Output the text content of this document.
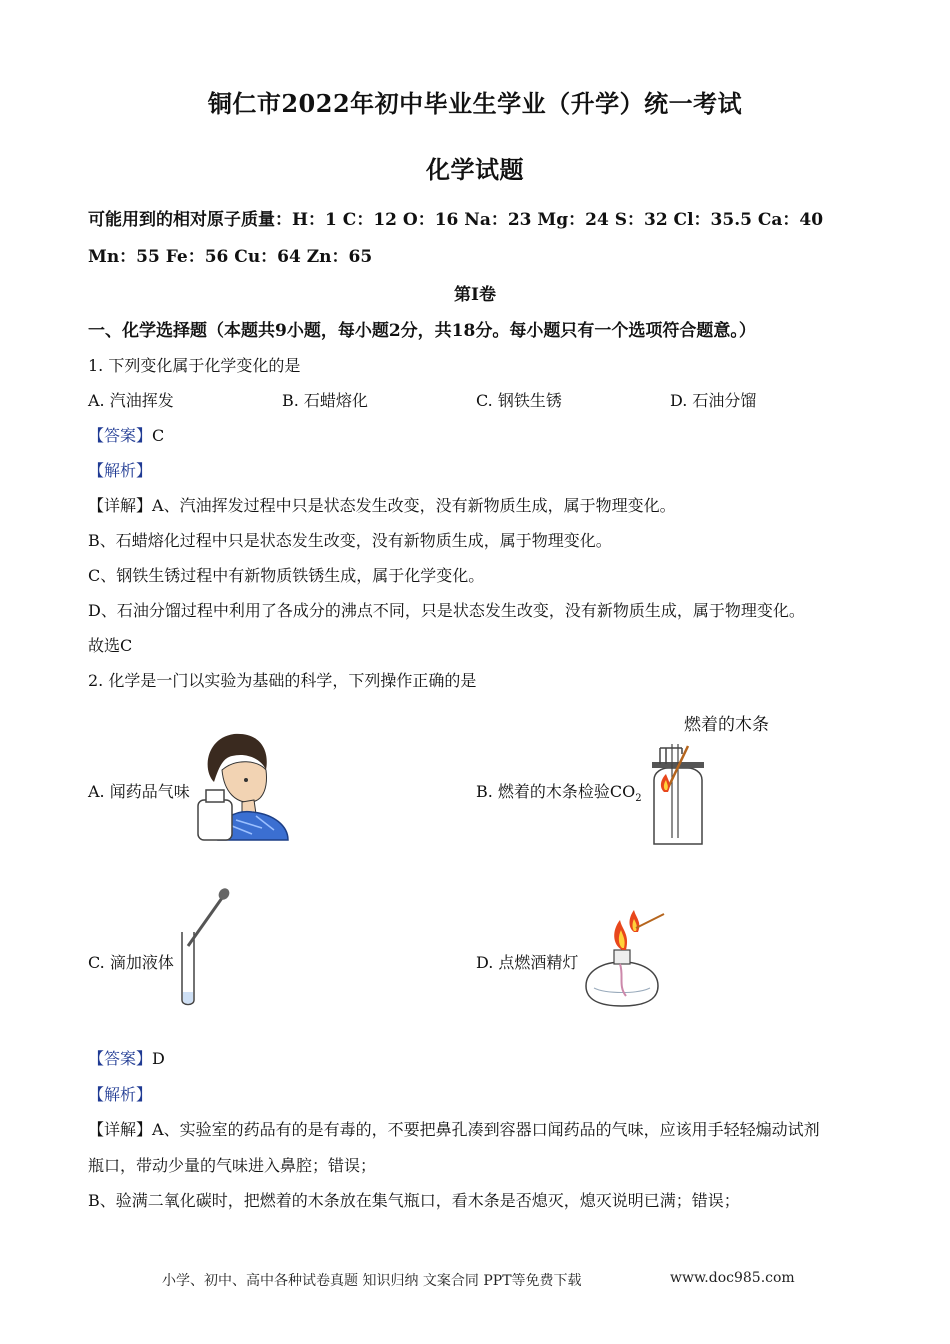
铜仁市2022年初中毕业生学业（升学）统一考试
化学试题
可能用到的相对原子质量：H：1 C：12 O：16 Na：23 Mg：24 S：32 Cl：35.5 Ca：40
Mn：55 Fe：56 Cu：64 Zn：65
第I卷
一、化学选择题（本题共9小题，每小题2分，共18分。每小题只有一个选项符合题意。）
1. 下列变化属于化学变化的是
A. 汽油挥发	B. 石蜡熔化	C. 钢铁生锈	D. 石油分馏
【答案】C
【解析】
【详解】A、汽油挥发过程中只是状态发生改变，没有新物质生成，属于物理变化。
B、石蜡熔化过程中只是状态发生改变，没有新物质生成，属于物理变化。
C、钢铁生锈过程中有新物质铁锈生成，属于化学变化。
D、石油分馏过程中利用了各成分的沸点不同，只是状态发生改变，没有新物质生成，属于物理变化。
故选C
2. 化学是一门以实验为基础的科学，下列操作正确的是
A. 闻药品气味	B. 燃着的木条检验$CO_2$
燃着的木条
C. 滴加液体	D. 点燃酒精灯
【答案】D
【解析】
【详解】A、实验室的药品有的是有毒的，不要把鼻孔凑到容器口闻药品的气味，应该用手轻轻煽动试剂
瓶口，带动少量的气味进入鼻腔；错误；
B、验满二氧化碳时，把燃着的木条放在集气瓶口，看木条是否熄灭，熄灭说明已满；错误；
小学、初中、高中各种试卷真题 知识归纳 文案合同 PPT等免费下载	www.doc985.com
